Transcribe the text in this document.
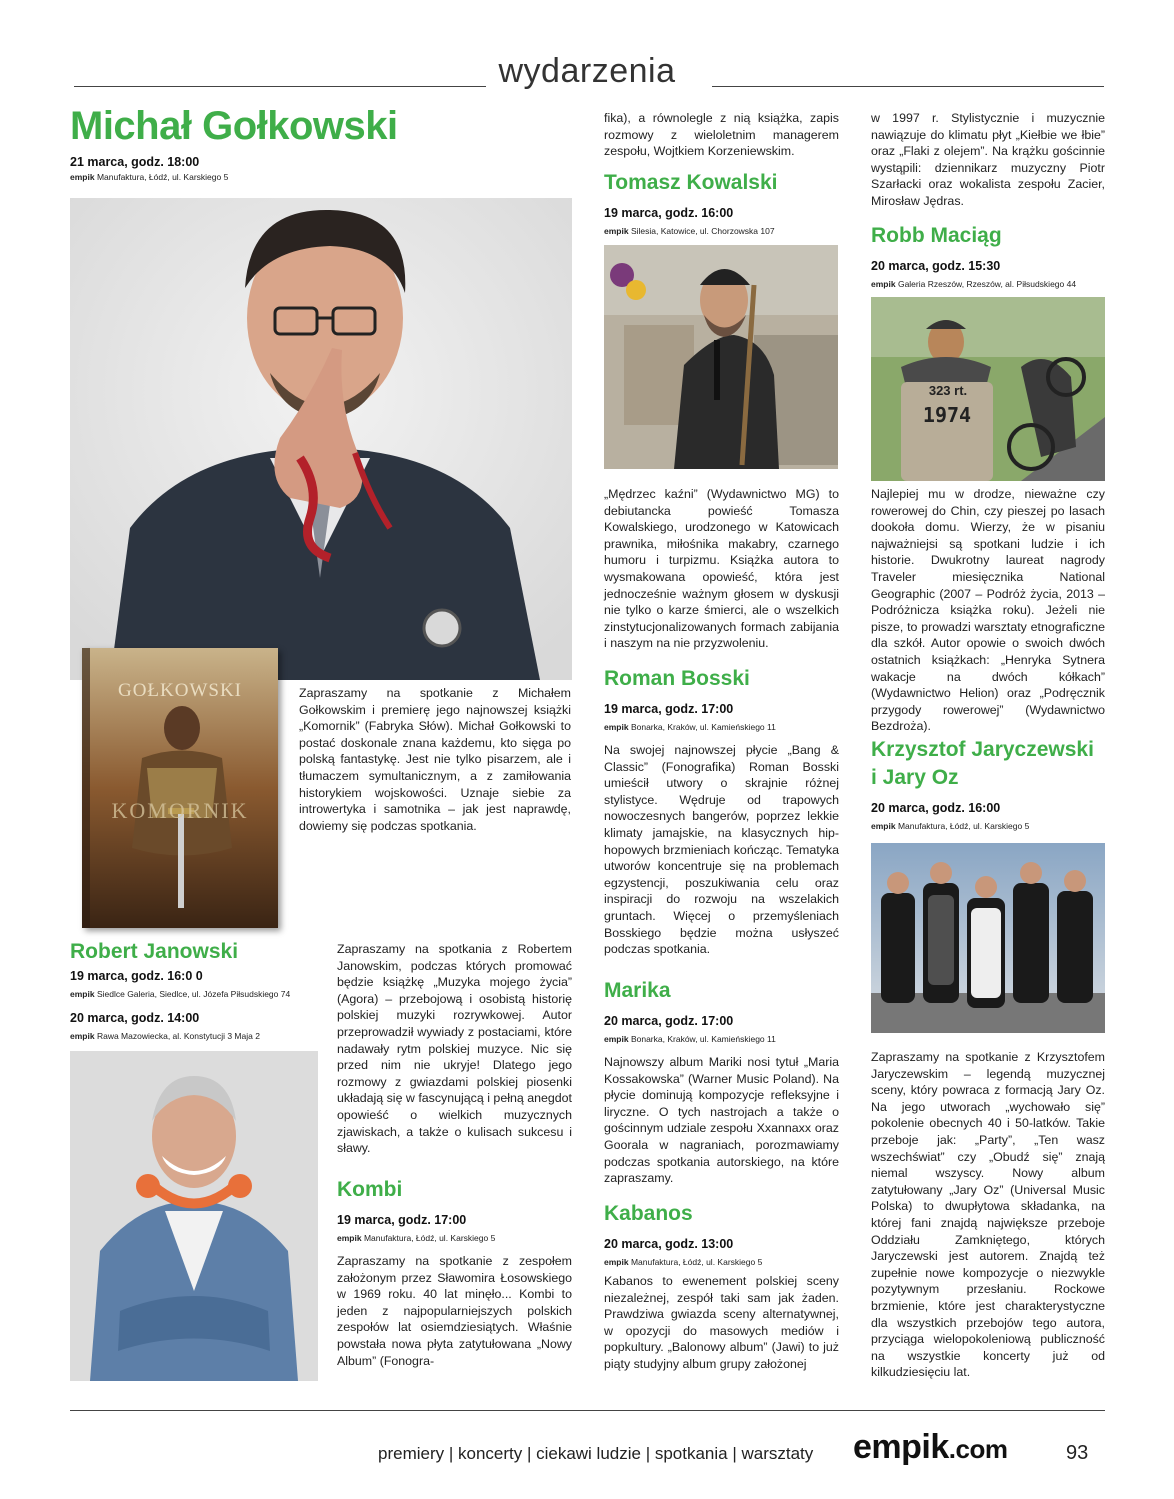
wydarzenia
Michał Gołkowski
21 marca, godz. 18:00
empik Manufaktura, Łódź, ul. Karskiego 5
GOŁKOWSKI
KOMORNIK

Zapraszamy na spotkanie z Michałem Gołkowskim i premierę jego najnowszej książki „Komornik” (Fabryka Słów). Michał Gołkowski to postać doskonale znana każdemu, kto sięga po polską fantastykę. Jest nie tylko pisarzem, ale i tłumaczem symultanicznym, a z zamiłowania historykiem wojskowości. Uznaje siebie za introwertyka i samotnika – jak jest naprawdę, dowiemy się podczas spotkania.

Robert Janowski
19 marca, godz. 16:0 0
empik Siedlce Galeria, Siedlce, ul. Józefa Piłsudskiego 74
20 marca, godz. 14:00
empik Rawa Mazowiecka, al. Konstytucji 3 Maja 2

Zapraszamy na spotkania z Robertem Janowskim, podczas których promować będzie książkę „Muzyka mojego życia” (Agora) – przebojową i osobistą historię polskiej muzyki rozrywkowej. Autor przeprowadził wywiady z postaciami, które nadawały rytm polskiej muzyce. Nic się przed nim nie ukryje! Dlatego jego rozmowy z gwiazdami polskiej piosenki układają się w fascynującą i pełną anegdot opowieść o wielkich muzycznych zjawiskach, a także o kulisach sukcesu i sławy.

Kombi
19 marca, godz. 17:00
empik Manufaktura, Łódź, ul. Karskiego 5

Zapraszamy na spotkanie z zespołem założonym przez Sławomira Łosowskiego w 1969 roku. 40 lat minęło... Kombi to jeden z najpopularniejszych polskich zespołów lat osiemdziesiątych. Właśnie powstała nowa płyta zatytułowana „Nowy Album” (Fonogra-

fika), a równolegle z nią książka, zapis rozmowy z wieloletnim managerem zespołu, Wojtkiem Korzeniewskim.

Tomasz Kowalski
19 marca, godz. 16:00
empik Silesia, Katowice, ul. Chorzowska 107

„Mędrzec kaźni” (Wydawnictwo MG) to debiutancka powieść Tomasza Kowalskiego, urodzonego w Katowicach prawnika, miłośnika makabry, czarnego humoru i turpizmu. Książka autora to wysmakowana opowieść, która jest jednocześnie ważnym głosem w dyskusji nie tylko o karze śmierci, ale o wszelkich zinstytucjonalizowanych formach zabijania i naszym na nie przyzwoleniu.

Roman Bosski
19 marca, godz. 17:00
empik Bonarka, Kraków, ul. Kamieńskiego 11

Na swojej najnowszej płycie „Bang & Classic” (Fonografika) Roman Bosski umieścił utwory o skrajnie różnej stylistyce. Wędruje od trapowych nowoczesnych bangerów, poprzez lekkie klimaty jamajskie, na klasycznych hip-hopowych brzmieniach kończąc. Tematyka utworów koncentruje się na problemach egzystencji, poszukiwania celu oraz inspiracji do rozwoju na wszelakich gruntach. Więcej o przemyśleniach Bosskiego będzie można usłyszeć podczas spotkania.

Marika
20 marca, godz. 17:00
empik Bonarka, Kraków, ul. Kamieńskiego 11

Najnowszy album Mariki nosi tytuł „Maria Kossakowska” (Warner Music Poland). Na płycie dominują kompozycje refleksyjne i liryczne. O tych nastrojach a także o gościnnym udziale zespołu Xxannaxx oraz Goorala w nagraniach, porozmawiamy podczas spotkania autorskiego, na które zapraszamy.

Kabanos
20 marca, godz. 13:00
empik Manufaktura, Łódź, ul. Karskiego 5

Kabanos to ewenement polskiej sceny niezależnej, zespół taki sam jak żaden. Prawdziwa gwiazda sceny alternatywnej, w opozycji do masowych mediów i popkultury. „Balonowy album” (Jawi) to już piąty studyjny album grupy założonej

w 1997 r. Stylistycznie i muzycznie nawiązuje do klimatu płyt „Kiełbie we łbie” oraz „Flaki z olejem”. Na krążku gościnnie wystąpili: dziennikarz muzyczny Piotr Szarłacki oraz wokalista zespołu Zacier, Mirosław Jędras.

Robb Maciąg
20 marca, godz. 15:30
empik Galeria Rzeszów, Rzeszów, al. Piłsudskiego 44
323 rt.
1974

Najlepiej mu w drodze, nieważne czy rowerowej do Chin, czy pieszej po lasach dookoła domu. Wierzy, że w pisaniu najważniejsi są spotkani ludzie i ich historie. Dwukrotny laureat nagrody Traveler miesięcznika National Geographic (2007 – Podróż życia, 2013 – Podróżnicza książka roku). Jeżeli nie pisze, to prowadzi warsztaty etnograficzne dla szkół. Autor opowie o swoich dwóch ostatnich książkach: „Henryka Sytnera wakacje na dwóch kółkach” (Wydawnictwo Helion) oraz „Podręcznik przygody rowerowej” (Wydawnictwo Bezdroża).

Krzysztof Jaryczewski
i Jary Oz
20 marca, godz. 16:00
empik Manufaktura, Łódź, ul. Karskiego 5

Zapraszamy na spotkanie z Krzysztofem Jaryczewskim – legendą muzycznej sceny, który powraca z formacją Jary Oz. Na jego utworach „wychowało się” pokolenie obecnych 40 i 50-latków. Takie przeboje jak: „Party”, „Ten wasz wszechświat” czy „Obudź się” znają niemal wszyscy. Nowy album zatytułowany „Jary Oz” (Universal Music Polska) to dwupłytowa składanka, na której fani znajdą największe przeboje Oddziału Zamkniętego, których Jaryczewski jest autorem. Znajdą też zupełnie nowe kompozycje o niezwykle pozytywnym przesłaniu. Rockowe brzmienie, które jest charakterystyczne dla wszystkich przebojów tego autora, przyciąga wielopokoleniową publiczność na wszystkie koncerty już od kilkudziesięciu lat.

premiery | koncerty | ciekawi ludzie | spotkania | warsztaty empik.com	93
